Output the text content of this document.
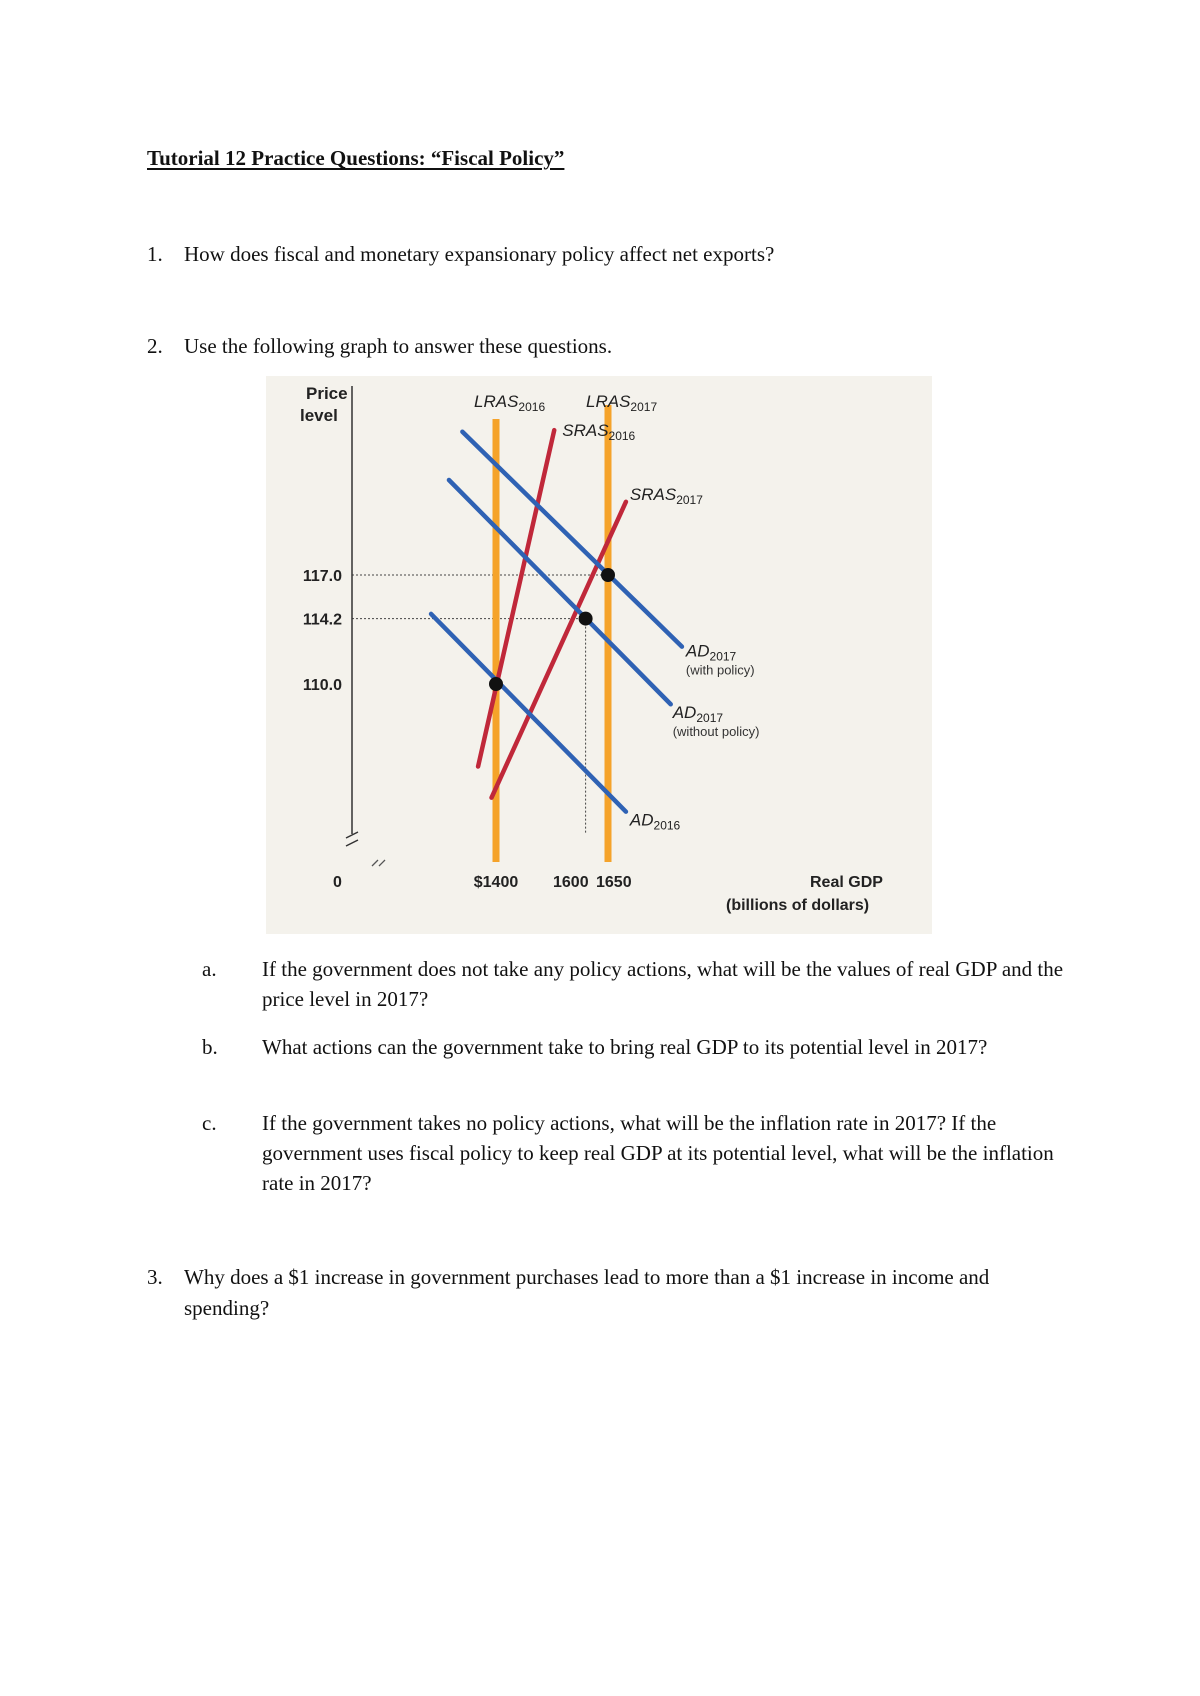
Tutorial 12 Practice Questions: “Fiscal Policy”
1. How does fiscal and monetary expansionary policy affect net exports?
2. Use the following graph to answer these questions.
Price
level
0	Real GDP
(billions of dollars)
117.0
114.2
110.0
$1400 1600 1650
$LRAS_{2016}$ $LRAS_{2017}$
$SRAS_{2016}$
$SRAS_{2017}$
$AD_{2016}$
$AD_{2017}$
(without policy)
$AD_{2017}$
(with policy)
a. If the government does not take any policy actions, what will be the values of real GDP and the price level in 2017?
b. What actions can the government take to bring real GDP to its potential level in 2017?
c. If the government takes no policy actions, what will be the inflation rate in 2017? If the government uses fiscal policy to keep real GDP at its potential level, what will be the inflation rate in 2017?
3.	Why does a $1 increase in government purchases lead to more than a $1 increase in income and spending?
